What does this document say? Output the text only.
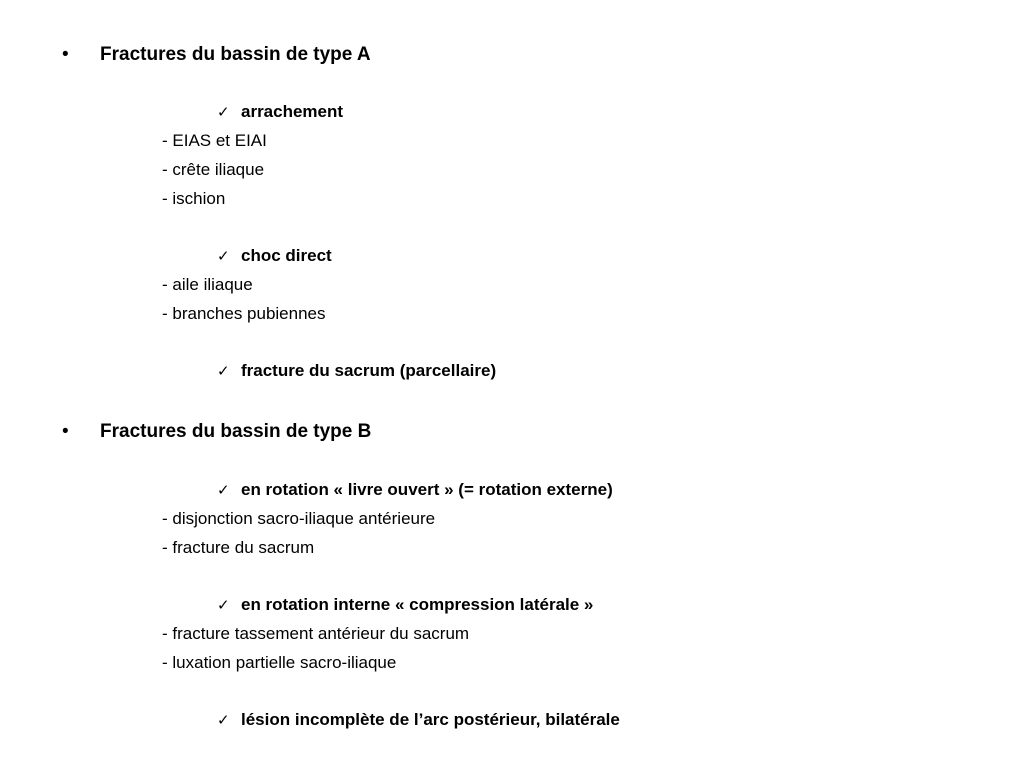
• Fractures du bassin de type A
✓ arrachement
- EIAS et EIAI
- crête iliaque
- ischion
✓ choc direct
- aile iliaque
- branches pubiennes
✓ fracture du sacrum (parcellaire)
• Fractures du bassin de type B
✓ en rotation « livre ouvert » (= rotation externe)
- disjonction sacro-iliaque antérieure
- fracture du sacrum
✓ en rotation interne « compression latérale »
- fracture tassement antérieur du sacrum
- luxation partielle sacro-iliaque
✓ lésion incomplète de l’arc postérieur, bilatérale
